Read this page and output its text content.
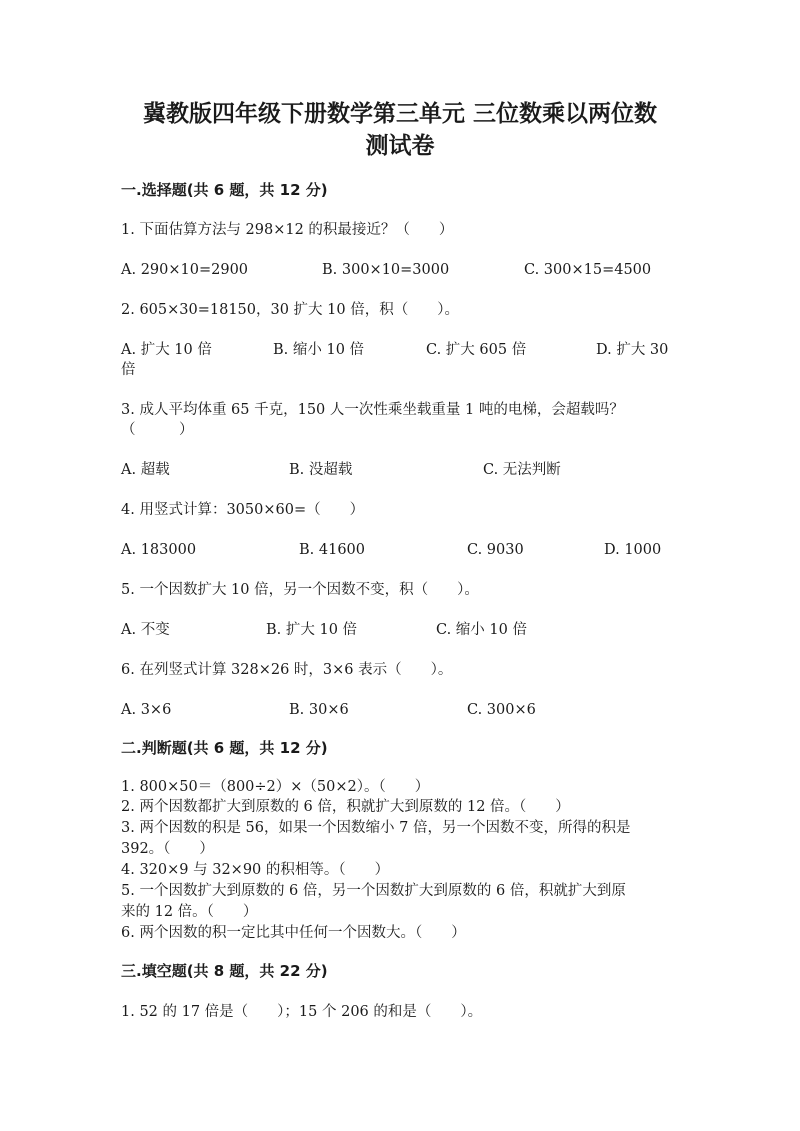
冀教版四年级下册数学第三单元 三位数乘以两位数
测试卷
一.选择题(共 6 题，共 12 分)
1. 下面估算方法与 298×12 的积最接近？（　　）
A. 290×10=2900	B. 300×10=3000	C. 300×15=4500
2. 605×30=18150，30 扩大 10 倍，积（　　）。
A. 扩大 10 倍	B. 缩小 10 倍	C. 扩大 605 倍	D. 扩大 30
倍
3. 成人平均体重 65 千克，150 人一次性乘坐载重量 1 吨的电梯，会超载吗？
（　　　）
A. 超载	B. 没超载	C. 无法判断
4. 用竖式计算：3050×60=（　　）
A. 183000	B. 41600	C. 9030	D. 1000
5. 一个因数扩大 10 倍，另一个因数不变，积（　　）。
A. 不变	B. 扩大 10 倍	C. 缩小 10 倍
6. 在列竖式计算 328×26 时，3×6 表示（　　）。
A. 3×6	B. 30×6	C. 300×6
二.判断题(共 6 题，共 12 分)
1. 800×50＝（800÷2）×（50×2）。（　　）
2. 两个因数都扩大到原数的 6 倍，积就扩大到原数的 12 倍。（　　）
3. 两个因数的积是 56，如果一个因数缩小 7 倍，另一个因数不变，所得的积是
392。（　　）
4. 320×9 与 32×90 的积相等。（　　）
5. 一个因数扩大到原数的 6 倍，另一个因数扩大到原数的 6 倍，积就扩大到原
来的 12 倍。（　　）
6. 两个因数的积一定比其中任何一个因数大。（　　）
三.填空题(共 8 题，共 22 分)
1. 52 的 17 倍是（　　）；15 个 206 的和是（　　）。
